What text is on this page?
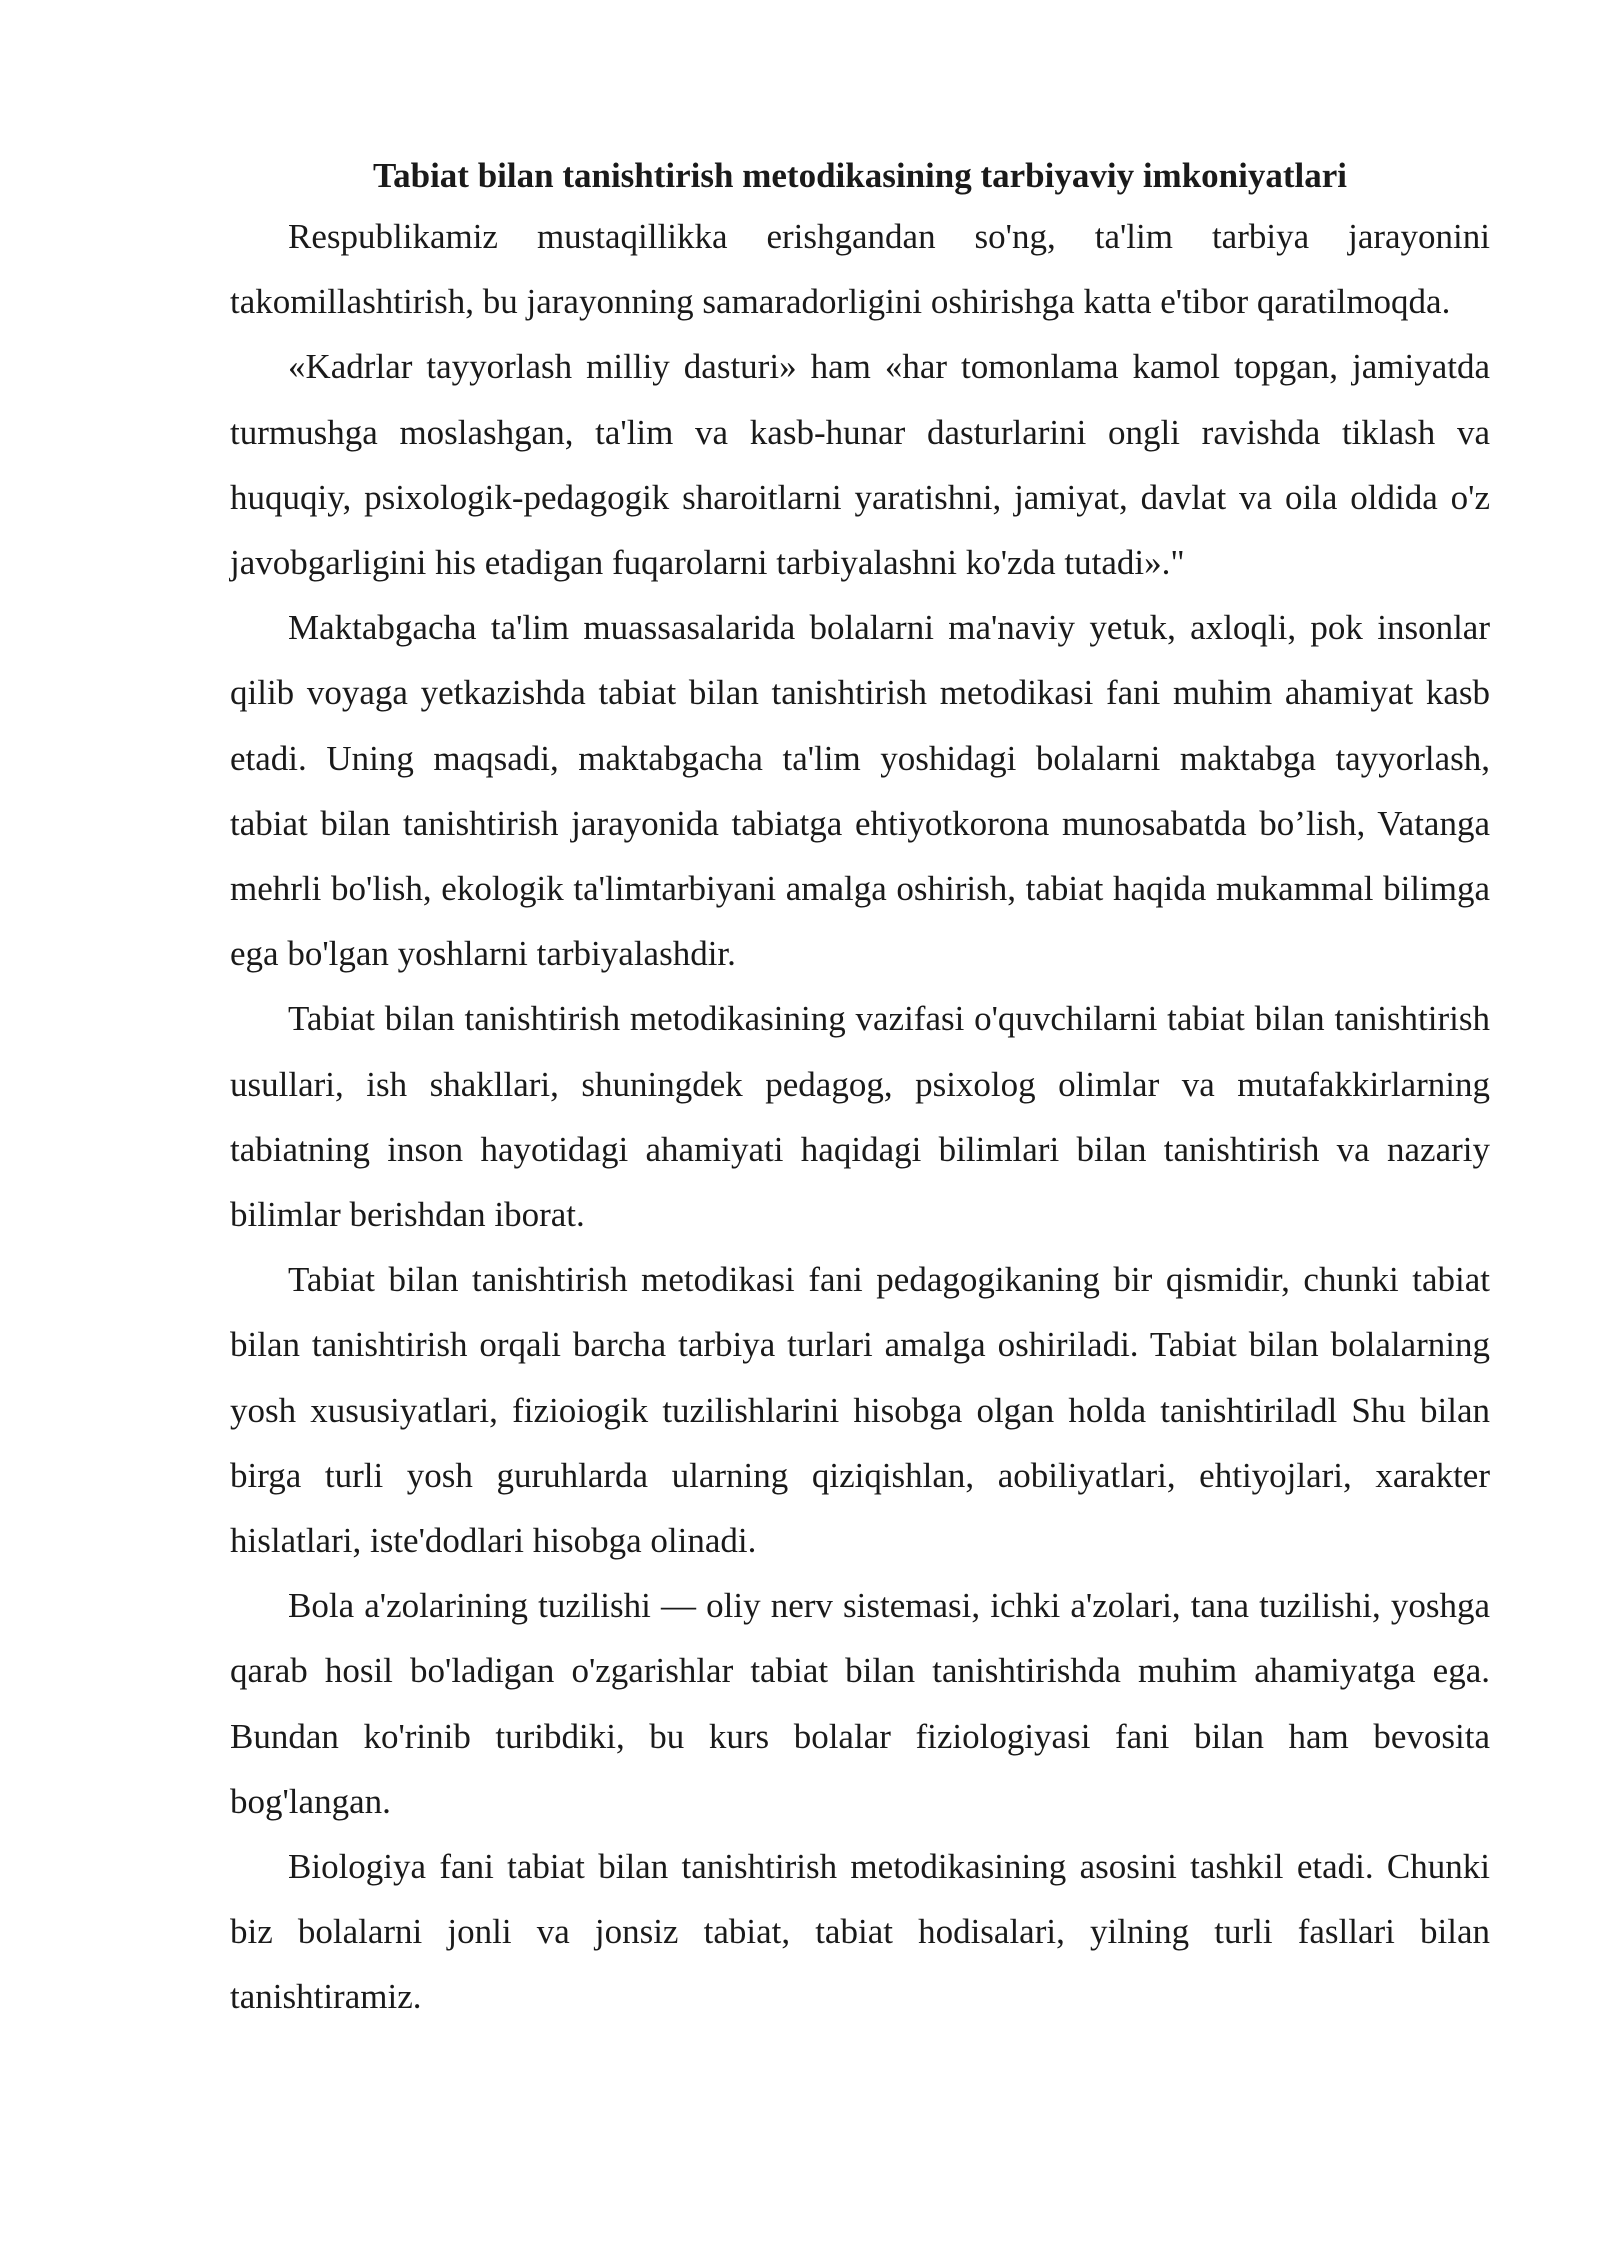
Tabiat bilan tanishtirish metodikasining tarbiyaviy imkoniyatlari

Respublikamiz mustaqillikka erishgandan so'ng, ta'lim tarbiya jarayonini takomillashtirish, bu jarayonning samaradorligini oshirishga katta e'tibor qaratilmoqda.

«Kadrlar tayyorlash milliy dasturi» ham «har tomonlama kamol topgan, jamiyatda turmushga moslashgan, ta'lim va kasb-hunar dasturlarini ongli ravishda tiklash va huquqiy, psixologik-pedagogik sharoitlarni yaratishni, jamiyat, davlat va oila oldida o'z javobgarligini his etadigan fuqarolarni tarbiyalashni ko'zda tutadi»."

Maktabgacha ta'lim muassasalarida bolalarni ma'naviy yetuk, axloqli, pok insonlar qilib voyaga yetkazishda tabiat bilan tanishtirish metodikasi fani muhim ahamiyat kasb etadi. Uning maqsadi, maktabgacha ta'lim yoshidagi bolalarni maktabga tayyorlash, tabiat bilan tanishtirish jarayonida tabiatga ehtiyotkorona munosabatda bo’lish, Vatanga mehrli bo'lish, ekologik ta'limtarbiyani amalga oshirish, tabiat haqida mukammal bilimga ega bo'lgan yoshlarni tarbiyalashdir.

Tabiat bilan tanishtirish metodikasining vazifasi o'quvchilarni tabiat bilan tanishtirish usullari, ish shakllari, shuningdek pedagog, psixolog olimlar va mutafakkirlarning tabiatning inson hayotidagi ahamiyati haqidagi bilimlari bilan tanishtirish va nazariy bilimlar berishdan iborat.

Tabiat bilan tanishtirish metodikasi fani pedagogikaning bir qismidir, chunki tabiat bilan tanishtirish orqali barcha tarbiya turlari amalga oshiriladi. Tabiat bilan bolalarning yosh xususiyatlari, fizioiogik tuzilishlarini hisobga olgan holda tanishtiriladl Shu bilan birga turli yosh guruhlarda ularning qiziqishlan, aobiliyatlari, ehtiyojlari, xarakter hislatlari, iste'dodlari hisobga olinadi.

Bola a'zolarining tuzilishi — oliy nerv sistemasi, ichki a'zolari, tana tuzilishi, yoshga qarab hosil bo'ladigan o'zgarishlar tabiat bilan tanishtirishda muhim ahamiyatga ega. Bundan ko'rinib turibdiki, bu kurs bolalar fiziologiyasi fani bilan ham bevosita bog'langan.

Biologiya fani tabiat bilan tanishtirish metodikasining asosini tashkil etadi. Chunki biz bolalarni jonli va jonsiz tabiat, tabiat hodisalari, yilning turli fasllari bilan tanishtiramiz.
